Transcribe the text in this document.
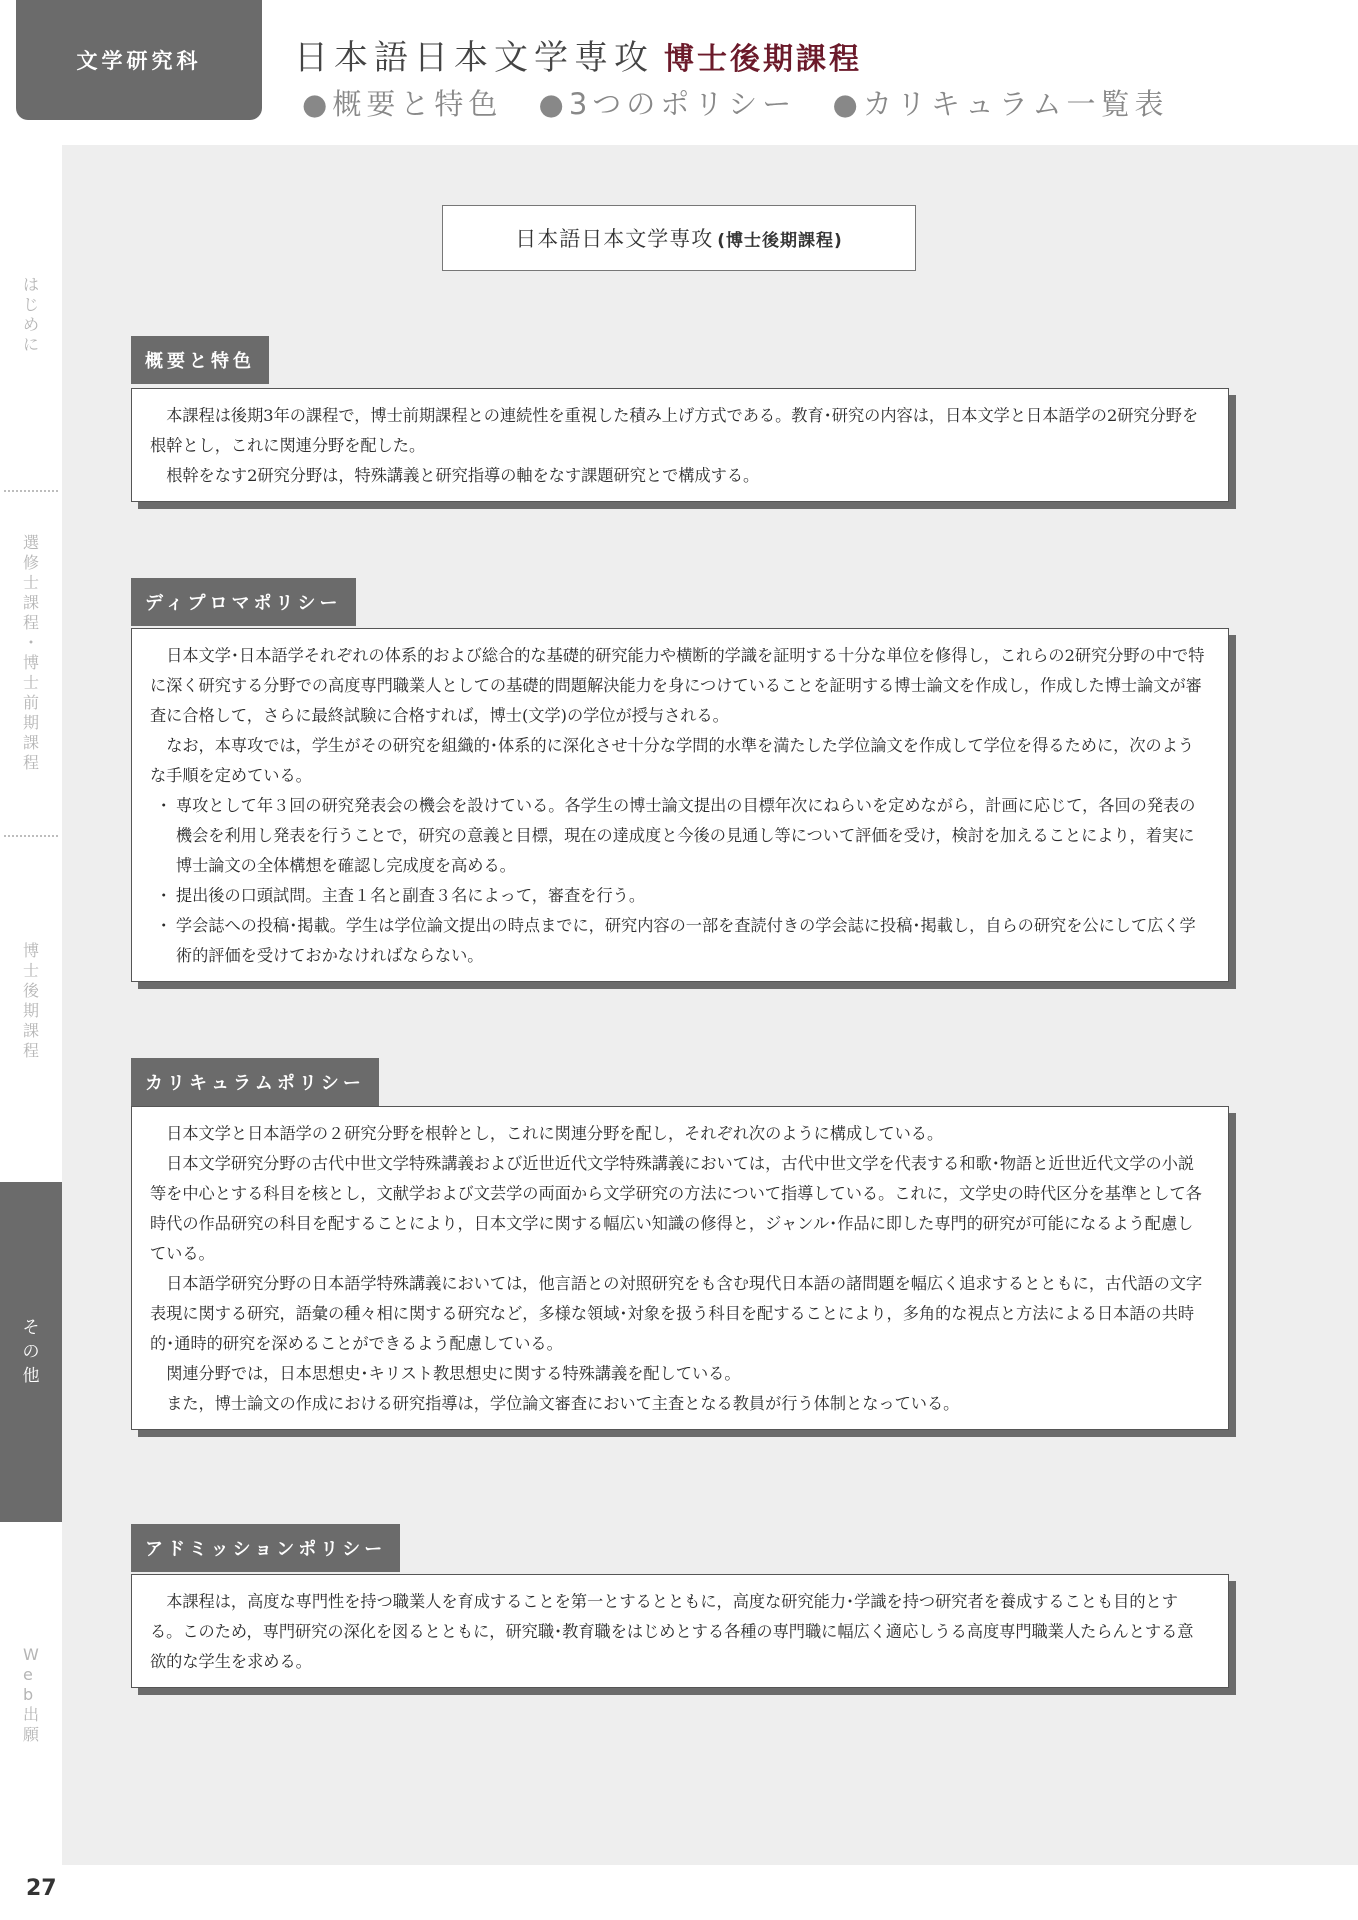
文学研究科	日本語日本文学専攻 博士後期課程
●概要と特色 ●3つのポリシー ●カリキュラム一覧表
は
じ
め
に
選
修
士
課
程
・
博
士
前
期
課
程
博
士
後
期
課
程
そ
の
他
W
e
b
出
願
27
日本語日本文学専攻 (博士後期課程)
概要と特色

本課程は後期3年の課程で，博士前期課程との連続性を重視した積み上げ方式である。教育･研究の内容は，日本文学と日本語学の2研究分野を根幹とし，これに関連分野を配した。

根幹をなす2研究分野は，特殊講義と研究指導の軸をなす課題研究とで構成する。

ディプロマポリシー

日本文学･日本語学それぞれの体系的および総合的な基礎的研究能力や横断的学識を証明する十分な単位を修得し，これらの2研究分野の中で特に深く研究する分野での高度専門職業人としての基礎的問題解決能力を身につけていることを証明する博士論文を作成し，作成した博士論文が審査に合格して，さらに最終試験に合格すれば，博士(文学)の学位が授与される。

なお，本専攻では，学生がその研究を組織的･体系的に深化させ十分な学問的水準を満たした学位論文を作成して学位を得るために，次のような手順を定めている。

・ 専攻として年３回の研究発表会の機会を設けている。各学生の博士論文提出の目標年次にねらいを定めながら，計画に応じて，各回の発表の機会を利用し発表を行うことで，研究の意義と目標，現在の達成度と今後の見通し等について評価を受け，検討を加えることにより，着実に博士論文の全体構想を確認し完成度を高める。
・ 提出後の口頭試問。主査１名と副査３名によって，審査を行う。
・ 学会誌への投稿･掲載。学生は学位論文提出の時点までに，研究内容の一部を査読付きの学会誌に投稿･掲載し，自らの研究を公にして広く学術的評価を受けておかなければならない。
カリキュラムポリシー

日本文学と日本語学の２研究分野を根幹とし，これに関連分野を配し，それぞれ次のように構成している。

日本文学研究分野の古代中世文学特殊講義および近世近代文学特殊講義においては，古代中世文学を代表する和歌･物語と近世近代文学の小説等を中心とする科目を核とし，文献学および文芸学の両面から文学研究の方法について指導している。これに，文学史の時代区分を基準として各時代の作品研究の科目を配することにより，日本文学に関する幅広い知識の修得と，ジャンル･作品に即した専門的研究が可能になるよう配慮している。

日本語学研究分野の日本語学特殊講義においては，他言語との対照研究をも含む現代日本語の諸問題を幅広く追求するとともに，古代語の文字表現に関する研究，語彙の種々相に関する研究など，多様な領域･対象を扱う科目を配することにより，多角的な視点と方法による日本語の共時的･通時的研究を深めることができるよう配慮している。

関連分野では，日本思想史･キリスト教思想史に関する特殊講義を配している。

また，博士論文の作成における研究指導は，学位論文審査において主査となる教員が行う体制となっている。

アドミッションポリシー

本課程は，高度な専門性を持つ職業人を育成することを第一とするとともに，高度な研究能力･学識を持つ研究者を養成することも目的とする。このため，専門研究の深化を図るとともに，研究職･教育職をはじめとする各種の専門職に幅広く適応しうる高度専門職業人たらんとする意欲的な学生を求める。
